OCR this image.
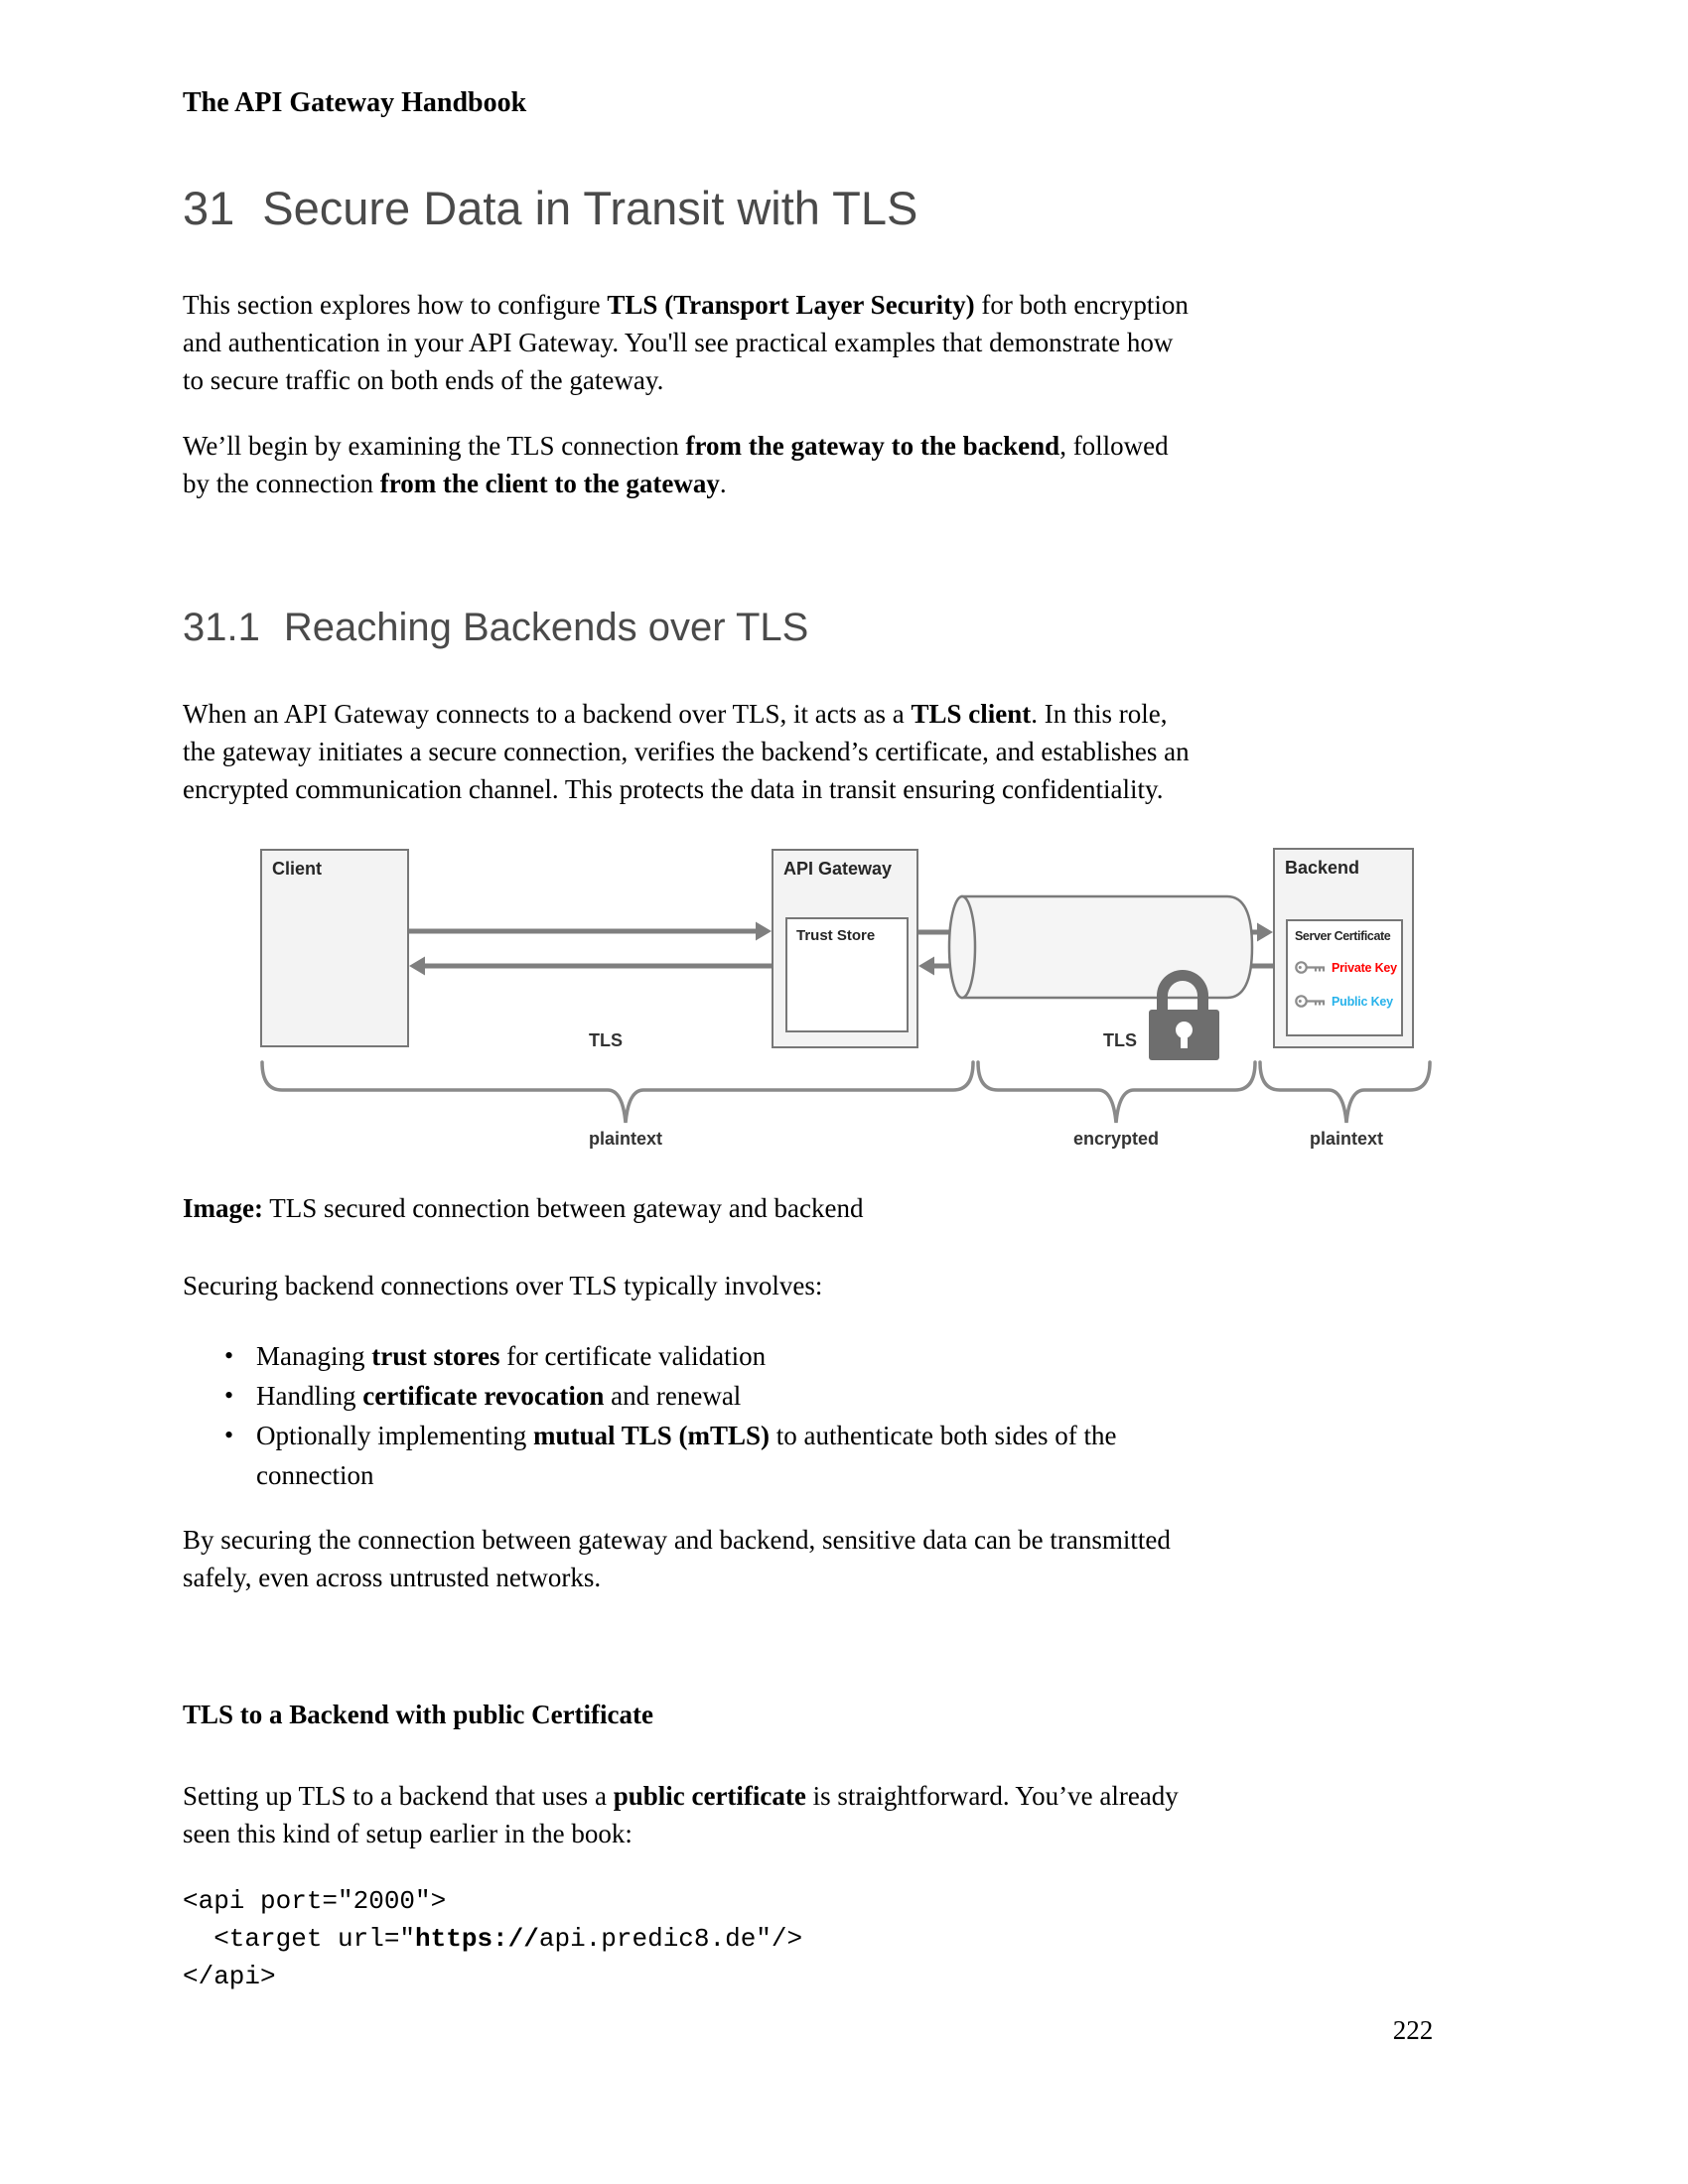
The API Gateway Handbook
31 Secure Data in Transit with TLS
This section explores how to configure TLS (Transport Layer Security) for both encryption
and authentication in your API Gateway. You'll see practical examples that demonstrate how
to secure traffic on both ends of the gateway.
We’ll begin by examining the TLS connection from the gateway to the backend, followed
by the connection from the client to the gateway.
31.1 Reaching Backends over TLS
When an API Gateway connects to a backend over TLS, it acts as a TLS client. In this role,
the gateway initiates a secure connection, verifies the backend’s certificate, and establishes an
encrypted communication channel. This protects the data in transit ensuring confidentiality.
Client	API Gateway
Trust Store
Backend
Server Certificate
Private Key
Public Key
TLS	TLS
plaintext	encrypted	plaintext
Image: TLS secured connection between gateway and backend
Securing backend connections over TLS typically involves:
• Managing trust stores for certificate validation
• Handling certificate revocation and renewal
• Optionally implementing mutual TLS (mTLS) to authenticate both sides of the
connection
By securing the connection between gateway and backend, sensitive data can be transmitted
safely, even across untrusted networks.
TLS to a Backend with public Certificate
Setting up TLS to a backend that uses a public certificate is straightforward. You’ve already
seen this kind of setup earlier in the book:
<api port="2000">
<target url="https://api.predic8.de"/>
</api>
222
